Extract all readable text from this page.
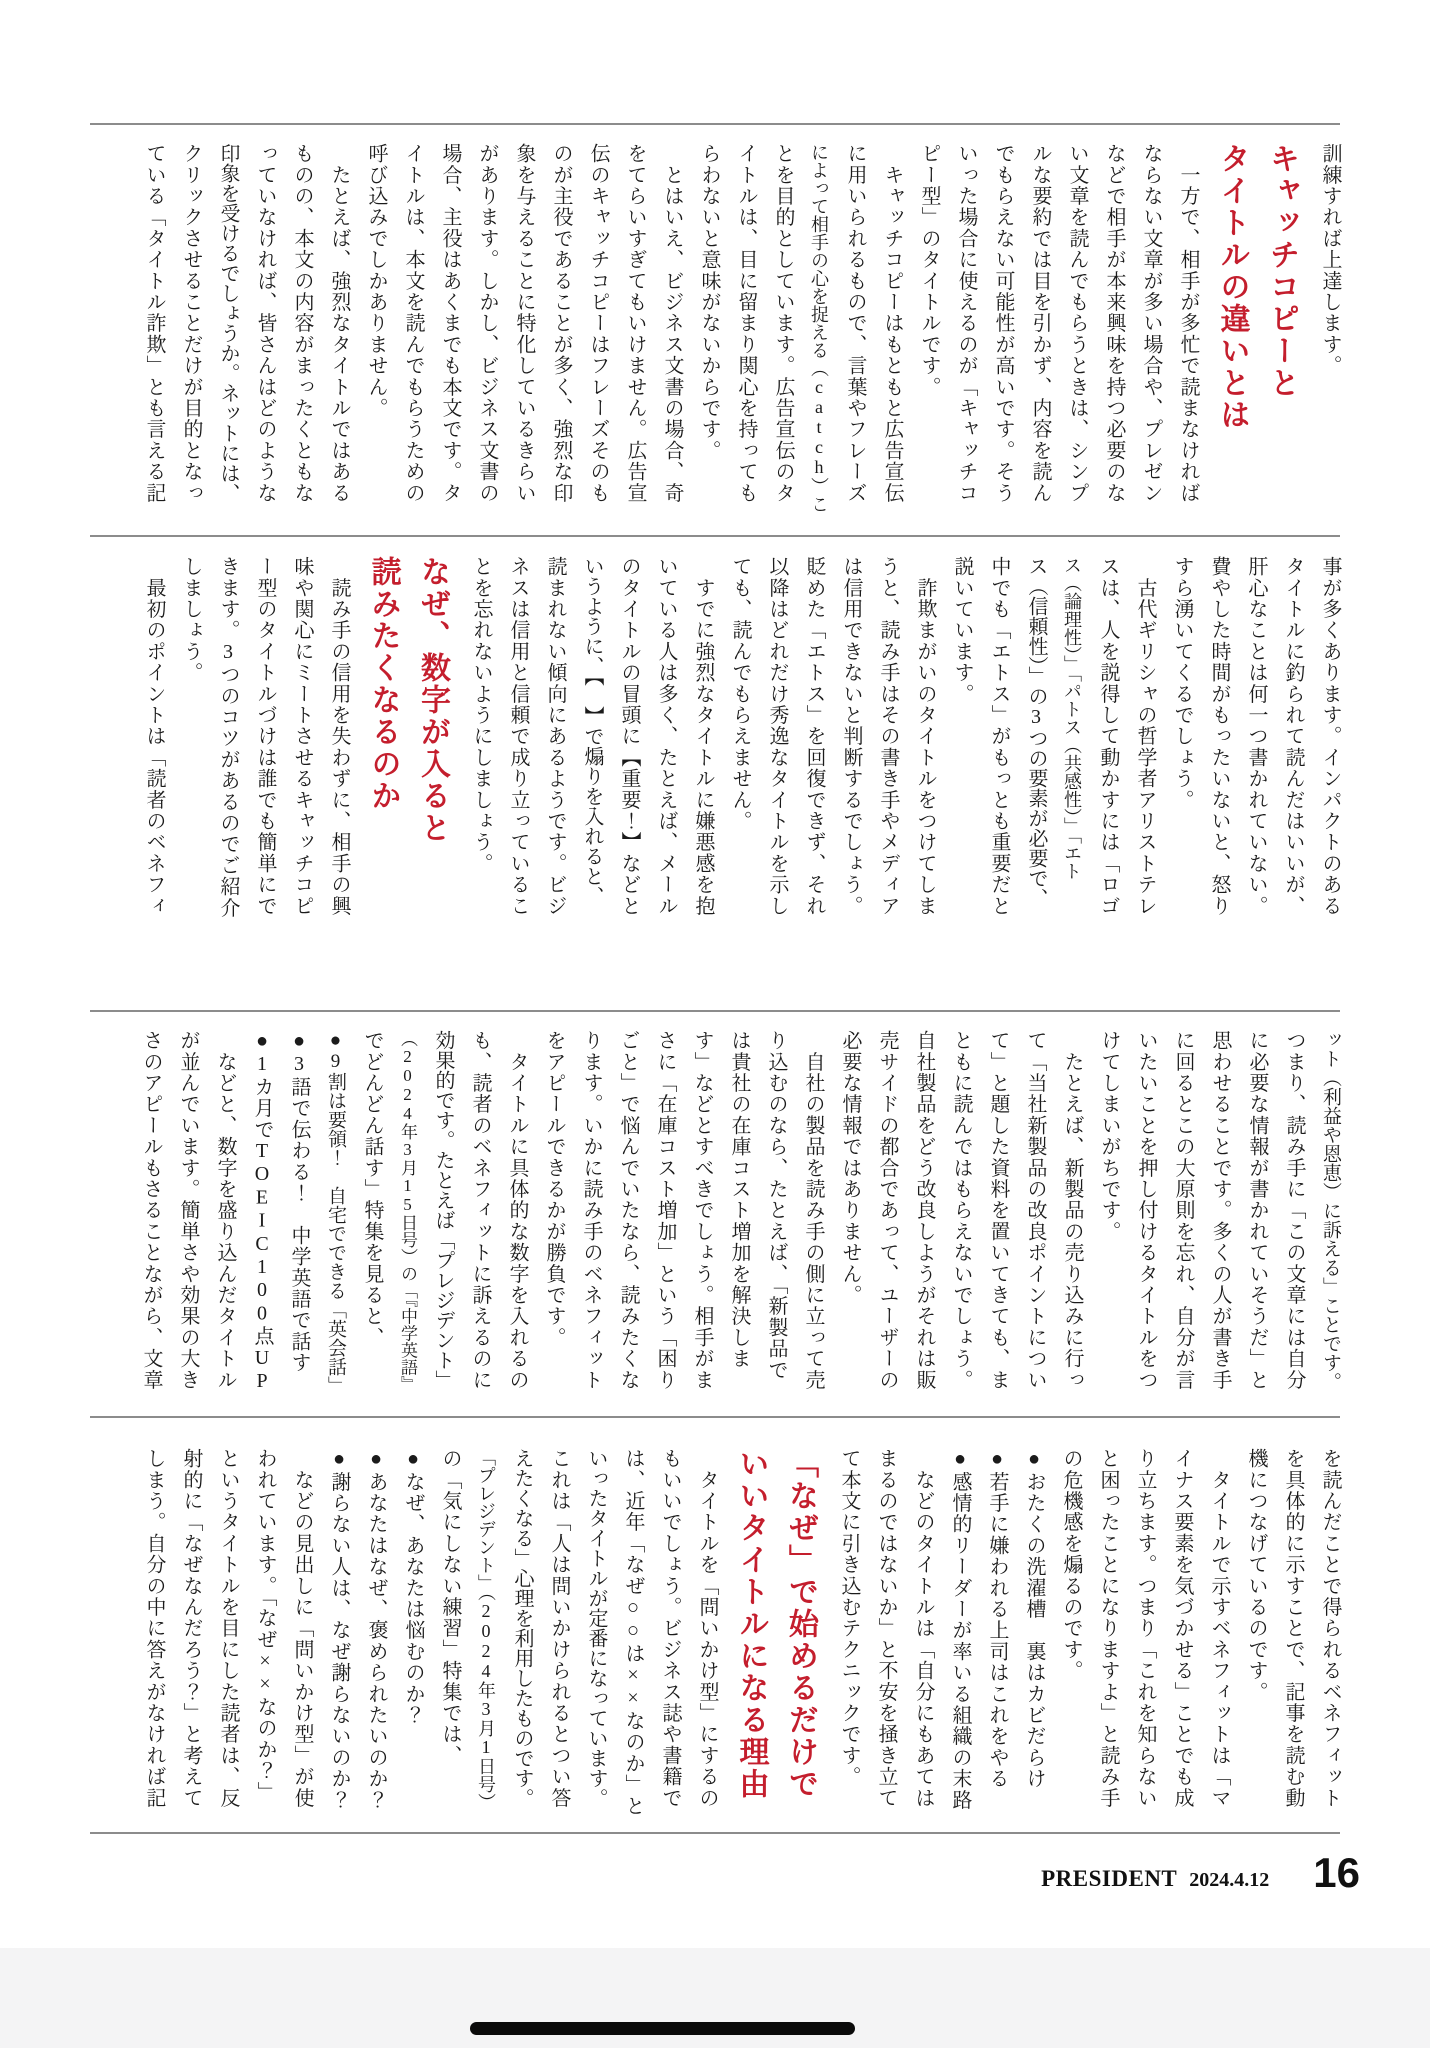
訓練すれば上達します。
キャッチコピーと
タイトルの違いとは
　一方で、相手が多忙で読まなければ
ならない文章が多い場合や、プレゼン
などで相手が本来興味を持つ必要のな
い文章を読んでもらうときは、シンプ
ルな要約では目を引かず、内容を読ん
でもらえない可能性が高いです。そう
いった場合に使えるのが「キャッチコ
ピー型」のタイトルです。
　キャッチコピーはもともと広告宣伝
に用いられるもので、言葉やフレーズ
によって相手の心を捉える（catch）こ
とを目的としています。広告宣伝のタ
イトルは、目に留まり関心を持っても
らわないと意味がないからです。
　とはいえ、ビジネス文書の場合、奇
をてらいすぎてもいけません。広告宣
伝のキャッチコピーはフレーズそのも
のが主役であることが多く、強烈な印
象を与えることに特化しているきらい
があります。しかし、ビジネス文書の
場合、主役はあくまでも本文です。タ
イトルは、本文を読んでもらうための
呼び込みでしかありません。
　たとえば、強烈なタイトルではある
ものの、本文の内容がまったくともな
っていなければ、皆さんはどのような
印象を受けるでしょうか。ネットには、
クリックさせることだけが目的となっ
ている「タイトル詐欺」とも言える記
事が多くあります。インパクトのある
タイトルに釣られて読んだはいいが、
肝心なことは何一つ書かれていない。
費やした時間がもったいないと、怒り
すら湧いてくるでしょう。
　古代ギリシャの哲学者アリストテレ
スは、人を説得して動かすには「ロゴ
ス（論理性）」「パトス（共感性）」「エト
ス（信頼性）」の3つの要素が必要で、
中でも「エトス」がもっとも重要だと
説いています。
　詐欺まがいのタイトルをつけてしま
うと、読み手はその書き手やメディア
は信用できないと判断するでしょう。
貶めた「エトス」を回復できず、それ
以降はどれだけ秀逸なタイトルを示し
ても、読んでもらえません。
　すでに強烈なタイトルに嫌悪感を抱
いている人は多く、たとえば、メール
のタイトルの冒頭に【重要！】などと
いうように、【　】で煽りを入れると、
読まれない傾向にあるようです。ビジ
ネスは信用と信頼で成り立っているこ
とを忘れないようにしましょう。
なぜ、数字が入ると
読みたくなるのか
　読み手の信用を失わずに、相手の興
味や関心にミートさせるキャッチコピ
ー型のタイトルづけは誰でも簡単にで
きます。3つのコツがあるのでご紹介
しましょう。
　最初のポイントは「読者のベネフィ
ット（利益や恩恵）に訴える」ことです。
つまり、読み手に「この文章には自分
に必要な情報が書かれていそうだ」と
思わせることです。多くの人が書き手
に回るとこの大原則を忘れ、自分が言
いたいことを押し付けるタイトルをつ
けてしまいがちです。
　たとえば、新製品の売り込みに行っ
て「当社新製品の改良ポイントについ
て」と題した資料を置いてきても、ま
ともに読んではもらえないでしょう。
自社製品をどう改良しようがそれは販
売サイドの都合であって、ユーザーの
必要な情報ではありません。
　自社の製品を読み手の側に立って売
り込むのなら、たとえば、「新製品で
は貴社の在庫コスト増加を解決しま
す」などとすべきでしょう。相手がま
さに「在庫コスト増加」という「困り
ごと」で悩んでいたなら、読みたくな
ります。いかに読み手のベネフィット
をアピールできるかが勝負です。
　タイトルに具体的な数字を入れるの
も、読者のベネフィットに訴えるのに
効果的です。たとえば「プレジデント」
（2024年3月15日号）の「『中学英語』
でどんどん話す」特集を見ると、
●9割は要領！　自宅でできる「英会話」
●3語で伝わる！　中学英語で話す
●1カ月でTOEIC100点UP
　などと、数字を盛り込んだタイトル
が並んでいます。簡単さや効果の大き
さのアピールもさることながら、文章
を読んだことで得られるベネフィット
を具体的に示すことで、記事を読む動
機につなげているのです。
　タイトルで示すベネフィットは「マ
イナス要素を気づかせる」ことでも成
り立ちます。つまり「これを知らない
と困ったことになりますよ」と読み手
の危機感を煽るのです。
●おたくの洗濯槽　裏はカビだらけ
●若手に嫌われる上司はこれをやる
●感情的リーダーが率いる組織の末路
　などのタイトルは「自分にもあては
まるのではないか」と不安を掻き立て
て本文に引き込むテクニックです。
「なぜ」で始めるだけで
いいタイトルになる理由
　タイトルを「問いかけ型」にするの
もいいでしょう。ビジネス誌や書籍で
は、近年「なぜ○○は××なのか」と
いったタイトルが定番になっています。
これは「人は問いかけられるとつい答
えたくなる」心理を利用したものです。
「プレジデント」（2024年3月1日号）
の「気にしない練習」特集では、
●なぜ、あなたは悩むのか？
●あなたはなぜ、褒められたいのか？
●謝らない人は、なぜ謝らないのか？
　などの見出しに「問いかけ型」が使
われています。「なぜ××なのか？」
というタイトルを目にした読者は、反
射的に「なぜなんだろう？」と考えて
しまう。自分の中に答えがなければ記
PRESIDENT 2024.4.12 16
